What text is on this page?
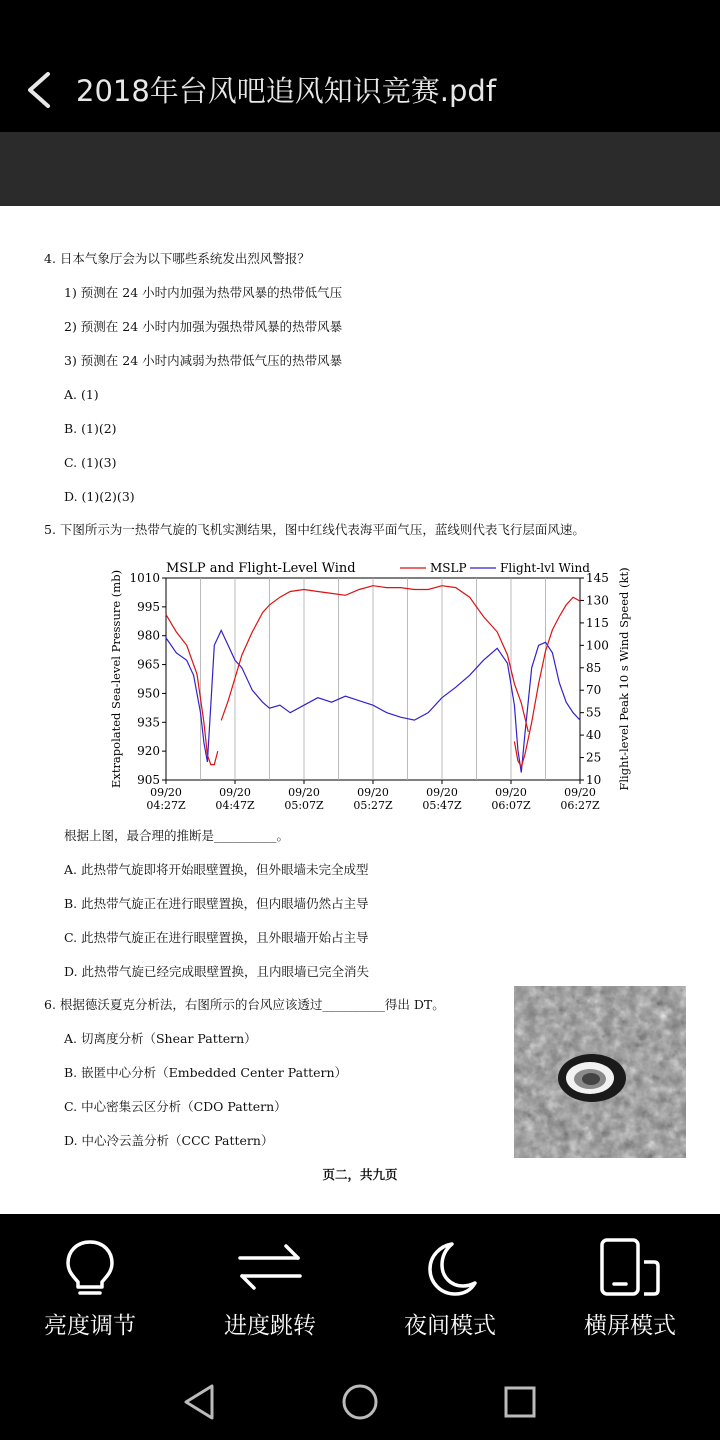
2018年台风吧追风知识竞赛.pdf
4. 日本气象厅会为以下哪些系统发出烈风警报？
1) 预测在 24 小时内加强为热带风暴的热带低气压
2) 预测在 24 小时内加强为强热带风暴的热带风暴
3) 预测在 24 小时内减弱为热带低气压的热带风暴
A. (1)
B. (1)(2)
C. (1)(3)
D. (1)(2)(3)
5. 下图所示为一热带气旋的飞机实测结果，图中红线代表海平面气压，蓝线则代表飞行层面风速。
1010
995
980
965
950
935
920
905
145
130
115
100
85
70
55
40
25
10
09/20
04:27Z
09/20
04:47Z
09/20
05:07Z
09/20
05:27Z
09/20
05:47Z
09/20
06:07Z
09/20
06:27Z
MSLP and Flight-Level Wind
Extrapolated Sea-level Pressure (mb)	Flight-level Peak 10 s Wind Speed (kt)
MSLP	Flight-lvl Wind
根据上图，最合理的推断是__________。
A. 此热带气旋即将开始眼壁置换，但外眼墙未完全成型
B. 此热带气旋正在进行眼壁置换，但内眼墙仍然占主导
C. 此热带气旋正在进行眼壁置换，且外眼墙开始占主导
D. 此热带气旋已经完成眼壁置换，且内眼墙已完全消失
6. 根据德沃夏克分析法，右图所示的台风应该透过__________得出 DT。
A. 切离度分析（Shear Pattern）
B. 嵌匿中心分析（Embedded Center Pattern）
C. 中心密集云区分析（CDO Pattern）
D. 中心冷云盖分析（CCC Pattern）
页二，共九页
亮度调节	进度跳转	夜间模式	横屏模式
